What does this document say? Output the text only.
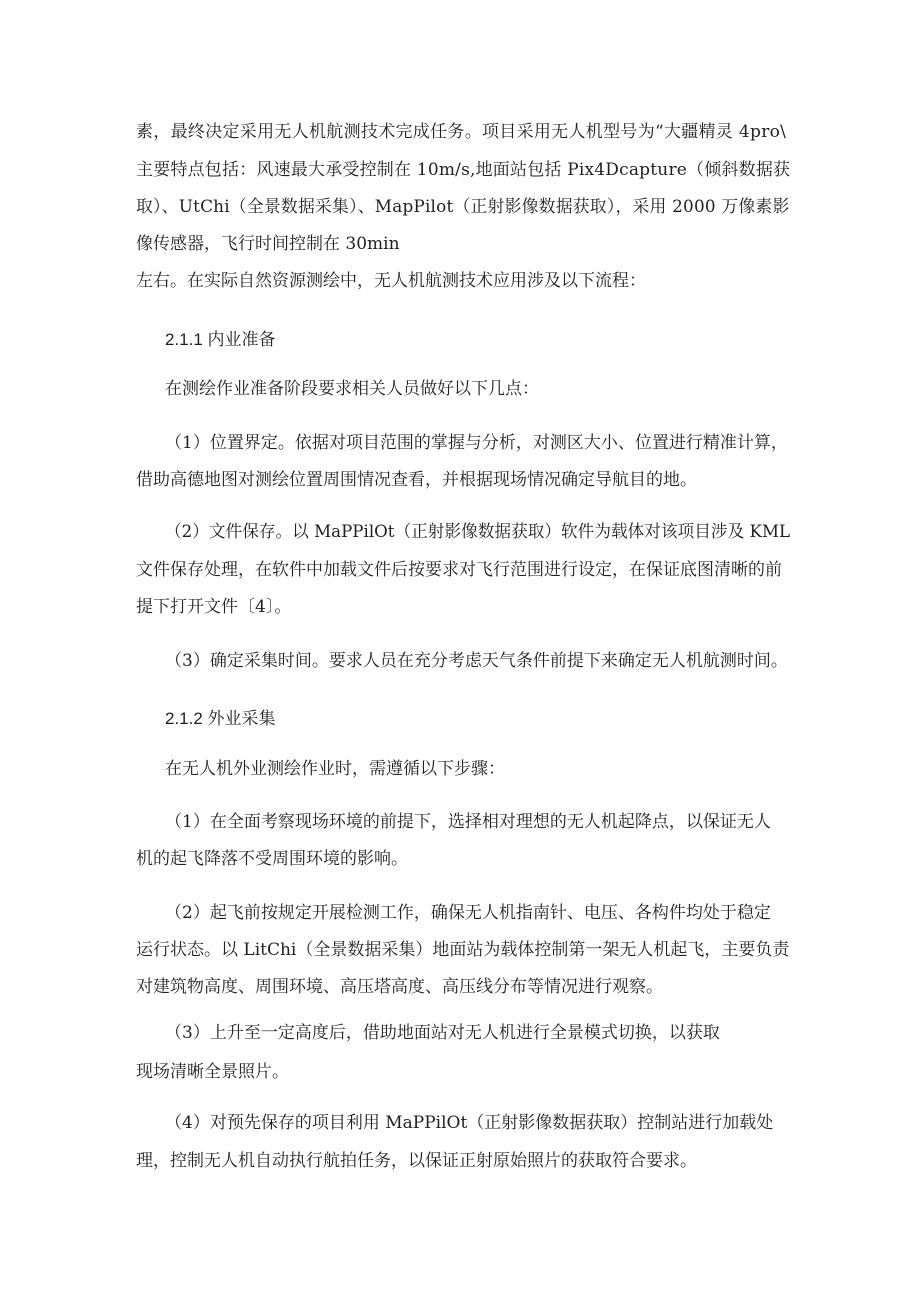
素，最终决定采用无人机航测技术完成任务。项目采用无人机型号为“大疆精灵 4pro\
主要特点包括：风速最大承受控制在 10m/s,地面站包括 Pix4Dcapture（倾斜数据获
取）、UtChi（全景数据采集）、MapPilot（正射影像数据获取），采用 2000 万像素影
像传感器，飞行时间控制在 30min
左右。在实际自然资源测绘中，无人机航测技术应用涉及以下流程：
2.1.1 内业准备
在测绘作业准备阶段要求相关人员做好以下几点：
（1）位置界定。依据对项目范围的掌握与分析，对测区大小、位置进行精准计算，
借助高德地图对测绘位置周围情况查看，并根据现场情况确定导航目的地。
（2）文件保存。以 MaPPilOt（正射影像数据获取）软件为载体对该项目涉及 KML
文件保存处理，在软件中加载文件后按要求对飞行范围进行设定，在保证底图清晰的前
提下打开文件〔4〕。
（3）确定采集时间。要求人员在充分考虑天气条件前提下来确定无人机航测时间。
2.1.2 外业采集
在无人机外业测绘作业时，需遵循以下步骤：
（1）在全面考察现场环境的前提下，选择相对理想的无人机起降点，以保证无人
机的起飞降落不受周围环境的影响。
（2）起飞前按规定开展检测工作，确保无人机指南针、电压、各构件均处于稳定
运行状态。以 LitChi（全景数据采集）地面站为载体控制第一架无人机起飞，主要负责
对建筑物高度、周围环境、高压塔高度、高压线分布等情况进行观察。
（3）上升至一定高度后，借助地面站对无人机进行全景模式切换，以获取
现场清晰全景照片。
（4）对预先保存的项目利用 MaPPilOt（正射影像数据获取）控制站进行加载处
理，控制无人机自动执行航拍任务，以保证正射原始照片的获取符合要求。
